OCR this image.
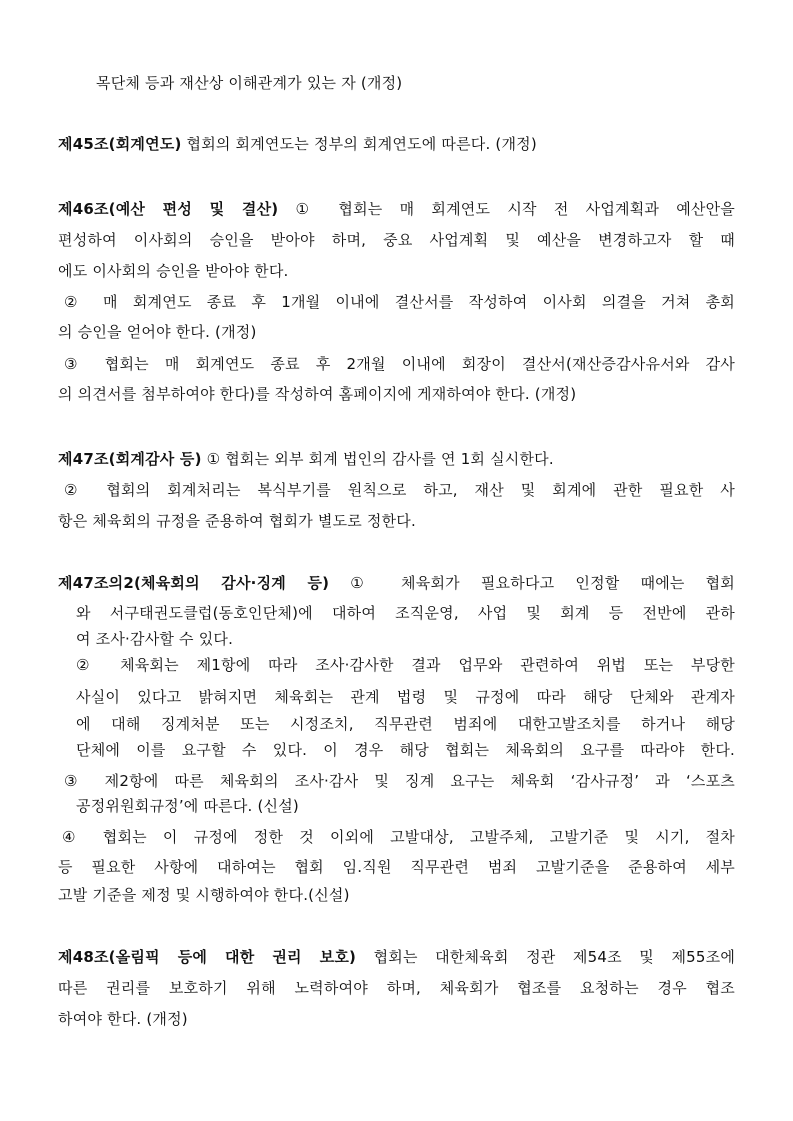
목단체 등과 재산상 이해관계가 있는 자 (개정)
제45조(회계연도) 협회의 회계연도는 정부의 회계연도에 따른다. (개정)
제46조(예산 편성 및 결산) ① 협회는 매 회계연도 시작 전 사업계획과 예산안을
편성하여 이사회의 승인을 받아야 하며, 중요 사업계획 및 예산을 변경하고자 할 때
에도 이사회의 승인을 받아야 한다.
② 매 회계연도 종료 후 1개월 이내에 결산서를 작성하여 이사회 의결을 거쳐 총회
의 승인을 얻어야 한다. (개정)
③ 협회는 매 회계연도 종료 후 2개월 이내에 회장이 결산서(재산증감사유서와 감사
의 의견서를 첨부하여야 한다)를 작성하여 홈페이지에 게재하여야 한다. (개정)
제47조(회계감사 등) ① 협회는 외부 회계 법인의 감사를 연 1회 실시한다.
② 협회의 회계처리는 복식부기를 원칙으로 하고, 재산 및 회계에 관한 필요한 사
항은 체육회의 규정을 준용하여 협회가 별도로 정한다.
제47조의2(체육회의 감사·징계 등) ① 체육회가 필요하다고 인정할 때에는 협회
와 서구태권도클럽(동호인단체)에 대하여 조직운영, 사업 및 회계 등 전반에 관하
여 조사·감사할 수 있다.
② 체육회는 제1항에 따라 조사·감사한 결과 업무와 관련하여 위법 또는 부당한
사실이 있다고 밝혀지면 체육회는 관계 법령 및 규정에 따라 해당 단체와 관계자
에 대해 징계처분 또는 시정조치, 직무관련 범죄에 대한고발조치를 하거나 해당
단체에 이를 요구할 수 있다. 이 경우 해당 협회는 체육회의 요구를 따라야 한다.
③ 제2항에 따른 체육회의 조사·감사 및 징계 요구는 체육회 ‘감사규정’ 과 ‘스포츠
공정위원회규정’에 따른다. (신설)
④ 협회는 이 규정에 정한 것 이외에 고발대상, 고발주체, 고발기준 및 시기, 절차
등 필요한 사항에 대하여는 협회 임.직원 직무관련 범죄 고발기준을 준용하여 세부
고발 기준을 제정 및 시행하여야 한다.(신설)
제48조(올림픽 등에 대한 권리 보호) 협회는 대한체육회 정관 제54조 및 제55조에
따른 권리를 보호하기 위해 노력하여야 하며, 체육회가 협조를 요청하는 경우 협조
하여야 한다. (개정)
